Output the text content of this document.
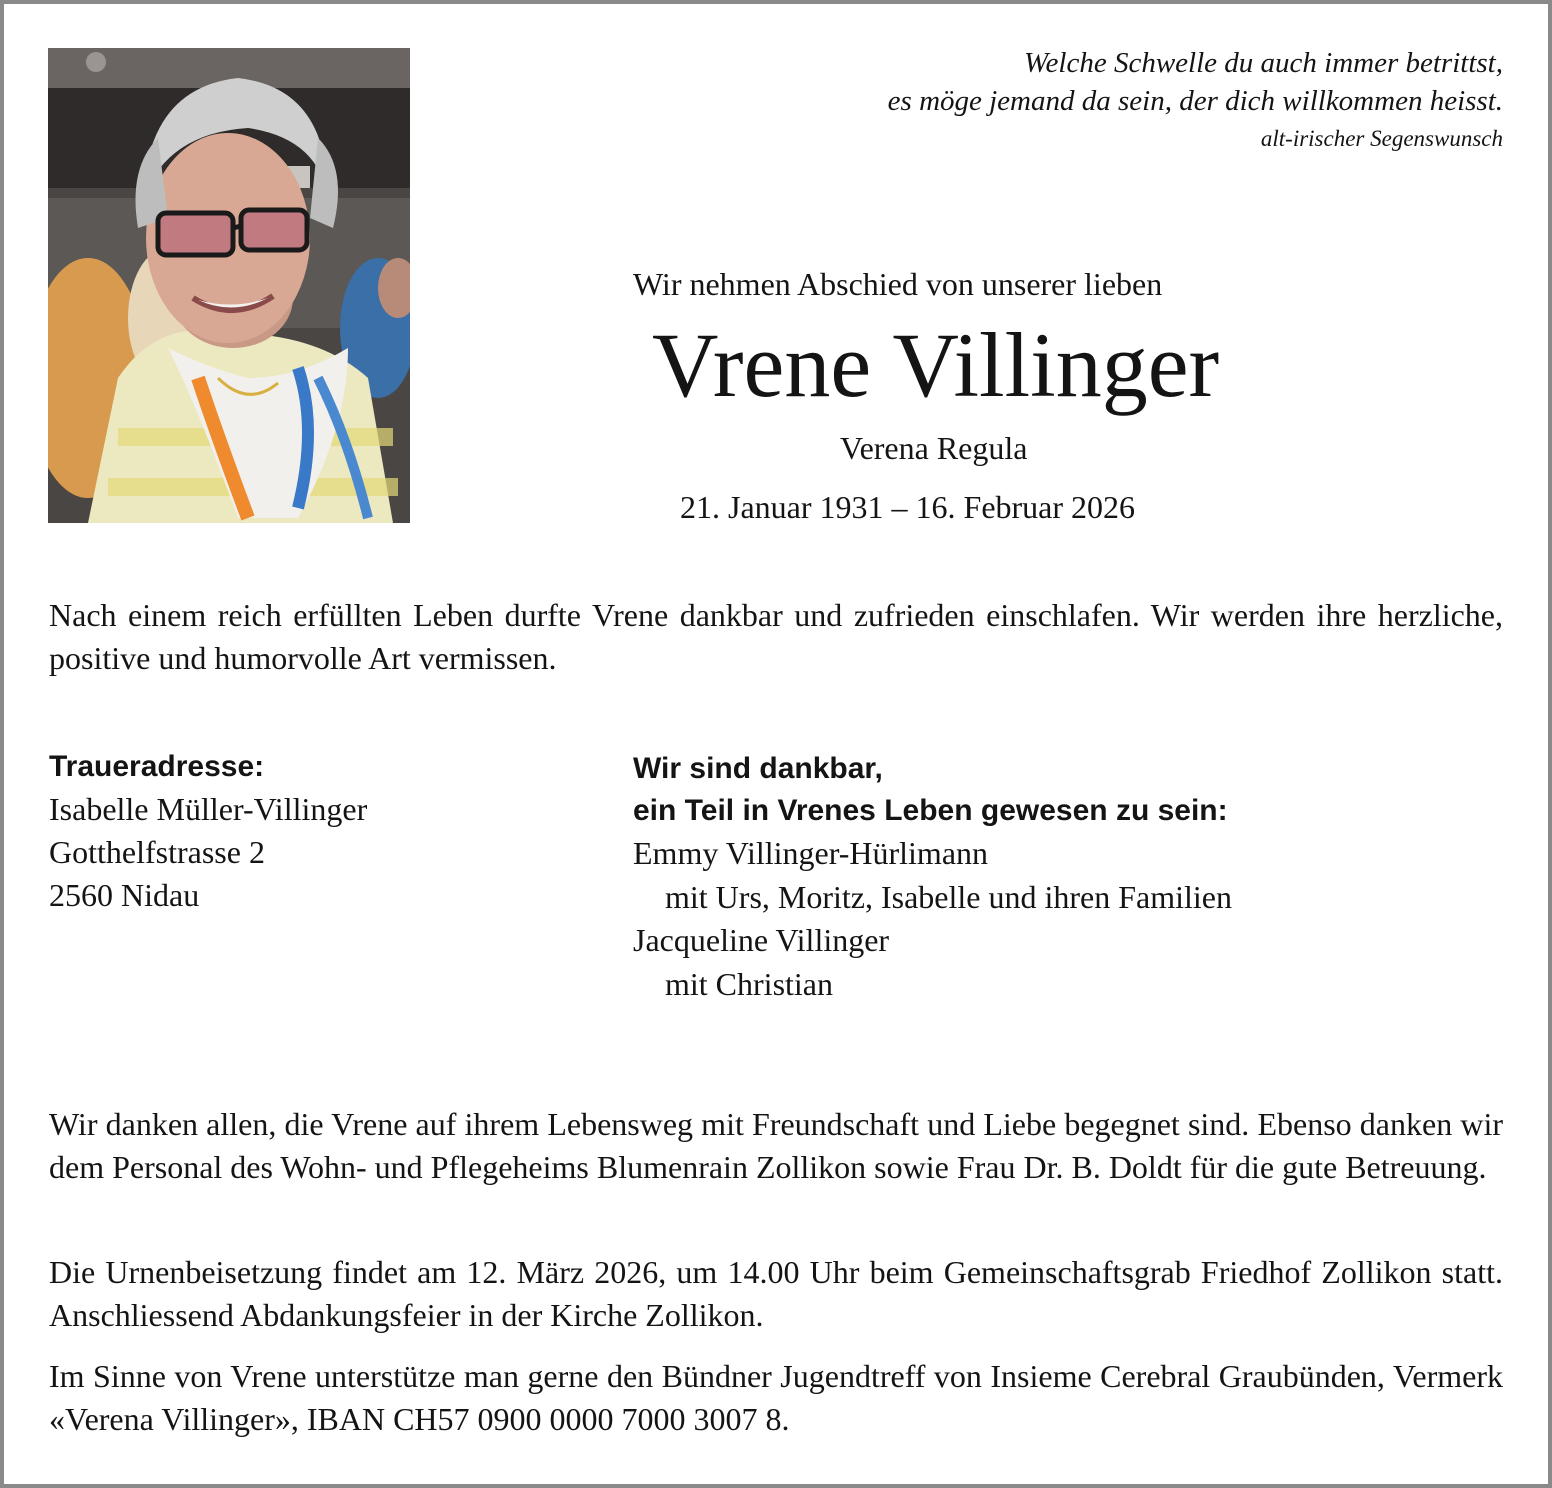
Welche Schwelle du auch immer betrittst,
es möge jemand da sein, der dich willkommen heisst.
alt-irischer Segenswunsch
Wir nehmen Abschied von unserer lieben
Vrene Villinger
Verena Regula
21. Januar 1931 – 16. Februar 2026

Nach einem reich erfüllten Leben durfte Vrene dankbar und zufrieden einschlafen. Wir werden ihre herzliche, positive und humorvolle Art vermissen.

Traueradresse:
Isabelle Müller-Villinger
Gotthelfstrasse 2
2560 Nidau
Wir sind dankbar,
ein Teil in Vrenes Leben gewesen zu sein:
Emmy Villinger-Hürlimann
mit Urs, Moritz, Isabelle und ihren Familien
Jacqueline Villinger
mit Christian

Wir danken allen, die Vrene auf ihrem Lebensweg mit Freundschaft und Liebe begegnet sind. Ebenso danken wir dem Personal des Wohn- und Pflegeheims Blumenrain Zollikon sowie Frau Dr. B. Doldt für die gute Betreuung.

Die Urnenbeisetzung findet am 12. März 2026, um 14.00 Uhr beim Gemeinschaftsgrab Friedhof Zollikon statt. Anschliessend Abdankungsfeier in der Kirche Zollikon.

Im Sinne von Vrene unterstütze man gerne den Bündner Jugendtreff von Insieme Cerebral Graubünden, Vermerk «Verena Villinger», IBAN CH57 0900 0000 7000 3007 8.
